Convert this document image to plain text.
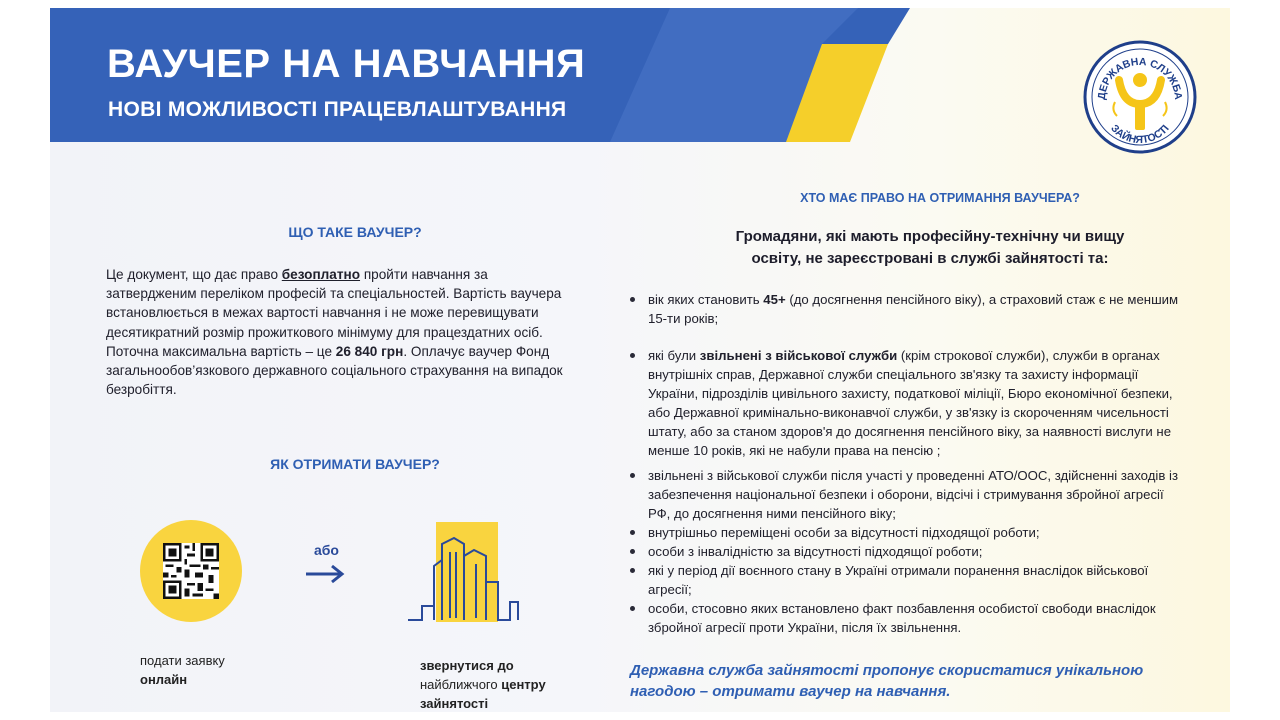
ВАУЧЕР НА НАВЧАННЯ
НОВІ МОЖЛИВОСТІ ПРАЦЕВЛАШТУВАННЯ
ДЕРЖАВНА СЛУЖБА
ЗАЙНЯТОСТІ
ЩО ТАКЕ ВАУЧЕР?
Це документ, що дає право безоплатно пройти навчання за затвердженим переліком професій та спеціальностей. Вартість ваучера встановлюється в межах вартості навчання і не може перевищувати десятикратний розмір прожиткового мінімуму для працездатних осіб. Поточна максимальна вартість – це 26 840 грн. Оплачує ваучер Фонд загальнообов’язкового державного соціального страхування на випадок безробіття.
ЯК ОТРИМАТИ ВАУЧЕР?
або
подати заявку
онлайн
звернутися до
найближчого центру
зайнятості
ХТО МАЄ ПРАВО НА ОТРИМАННЯ ВАУЧЕРА?
Громадяни, які мають професійну-технічну чи вищу
освіту, не зареєстровані в службі зайнятості та:
вік яких становить 45+ (до досягнення пенсійного віку), а страховий стаж є не меншим 15-ти років;
які були звільнені з військової служби (крім строкової служби), служби в органах внутрішніх справ, Державної служби спеціального зв'язку та захисту інформації України, підрозділів цивільного захисту, податкової міліції, Бюро економічної безпеки, або Державної кримінально-виконавчої служби, у зв'язку із скороченням чисельності штату, або за станом здоров'я до досягнення пенсійного віку, за наявності вислуги не менше 10 років, які не набули права на пенсію ;
звільнені з військової служби після участі у проведенні АТО/ООС, здійсненні заходів із забезпечення національної безпеки і оборони, відсічі і стримування збройної агресії РФ, до досягнення ними пенсійного віку;
внутрішньо переміщені особи за відсутності підходящої роботи;
особи з інвалідністю за відсутності підходящої роботи;
які у період дії воєнного стану в Україні отримали поранення внаслідок військової агресії;
особи, стосовно яких встановлено факт позбавлення особистої свободи внаслідок збройної агресії проти України, після їх звільнення.
Державна служба зайнятості пропонує скористатися унікальною
нагодою – отримати ваучер на навчання.
